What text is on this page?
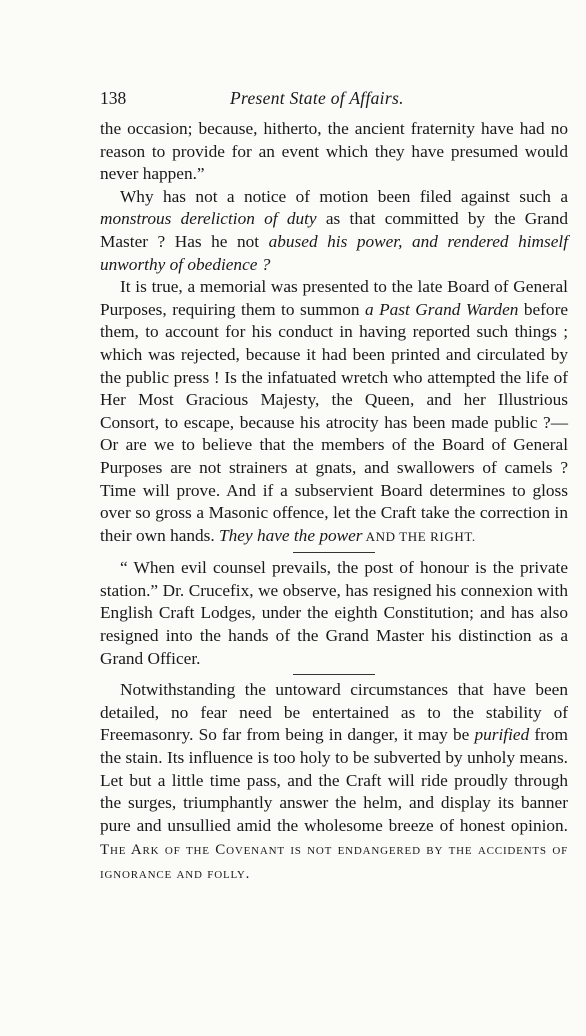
138	Present State of Affairs.

the occasion; because, hitherto, the ancient fraternity have had no reason to provide for an event which they have presumed would never happen.”

Why has not a notice of motion been filed against such a monstrous dereliction of duty as that committed by the Grand Master ? Has he not abused his power, and rendered himself unworthy of obedience ?

It is true, a memorial was presented to the late Board of General Purposes, requiring them to summon a Past Grand Warden before them, to account for his conduct in having reported such things ; which was rejected, because it had been printed and circulated by the public press ! Is the infatuated wretch who attempted the life of Her Most Gracious Majesty, the Queen, and her Illustrious Consort, to escape, because his atrocity has been made public ?—Or are we to believe that the members of the Board of General Purposes are not strainers at gnats, and swallowers of camels ? Time will prove. And if a subservient Board determines to gloss over so gross a Masonic offence, let the Craft take the correction in their own hands. They have the power AND THE RIGHT.

“ When evil counsel prevails, the post of honour is the private station.” Dr. Crucefix, we observe, has resigned his connexion with English Craft Lodges, under the eighth Constitution; and has also resigned into the hands of the Grand Master his distinction as a Grand Officer.

Notwithstanding the untoward circumstances that have been detailed, no fear need be entertained as to the stability of Freemasonry. So far from being in danger, it may be purified from the stain. Its influence is too holy to be subverted by unholy means. Let but a little time pass, and the Craft will ride proudly through the surges, triumphantly answer the helm, and display its banner pure and unsullied amid the wholesome breeze of honest opinion. The Ark of the Covenant is not endangered by the accidents of ignorance and folly.
